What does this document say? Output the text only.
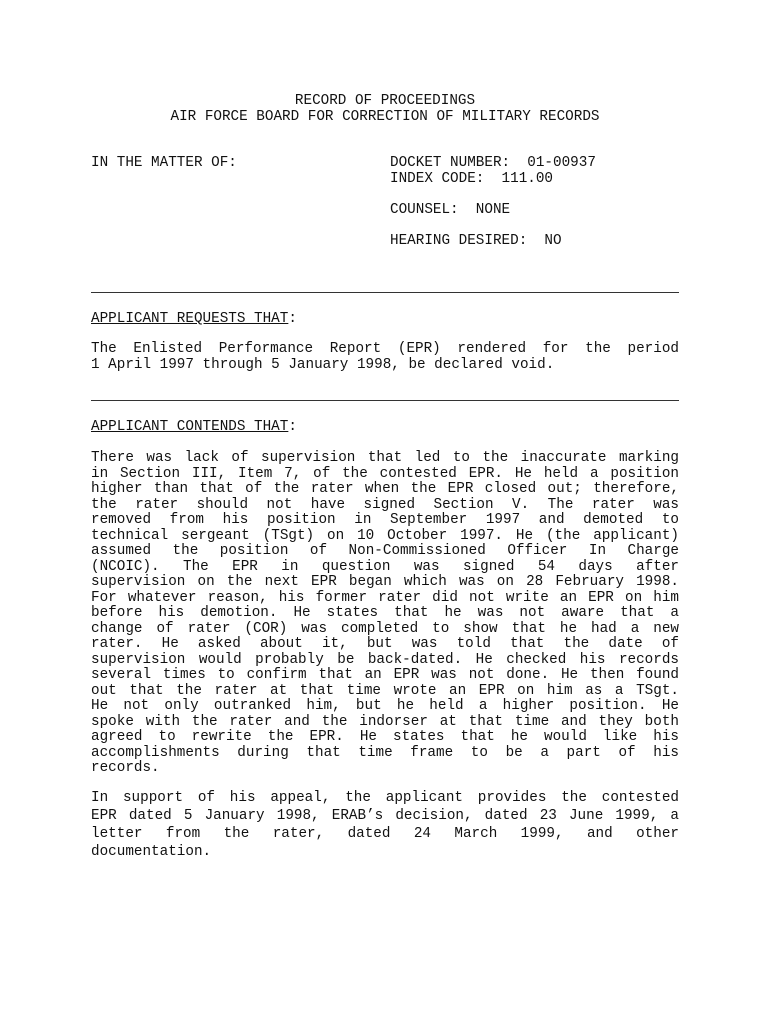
RECORD OF PROCEEDINGS
AIR FORCE BOARD FOR CORRECTION OF MILITARY RECORDS
IN THE MATTER OF:	DOCKET NUMBER:  01-00937
INDEX CODE:  111.00
COUNSEL:  NONE
HEARING DESIRED:  NO
APPLICANT REQUESTS THAT:
The Enlisted Performance Report (EPR) rendered for the period
1 April 1997 through 5 January 1998, be declared void.
APPLICANT CONTENDS THAT:
There was lack of supervision that led to the inaccurate marking
in Section III, Item 7, of the contested EPR. He held a position
higher than that of the rater when the EPR closed out; therefore,
the rater should not have signed Section V. The rater was
removed from his position in September 1997 and demoted to
technical sergeant (TSgt) on 10 October 1997. He (the applicant)
assumed the position of Non-Commissioned Officer In Charge
(NCOIC). The EPR in question was signed 54 days after
supervision on the next EPR began which was on 28 February 1998.
For whatever reason, his former rater did not write an EPR on him
before his demotion. He states that he was not aware that a
change of rater (COR) was completed to show that he had a new
rater. He asked about it, but was told that the date of
supervision would probably be back-dated. He checked his records
several times to confirm that an EPR was not done. He then found
out that the rater at that time wrote an EPR on him as a TSgt.
He not only outranked him, but he held a higher position. He
spoke with the rater and the indorser at that time and they both
agreed to rewrite the EPR. He states that he would like his
accomplishments during that time frame to be a part of his
records.
In support of his appeal, the applicant provides the contested
EPR dated 5 January 1998, ERAB’s decision, dated 23 June 1999, a
letter from the rater, dated 24 March 1999, and other
documentation.
